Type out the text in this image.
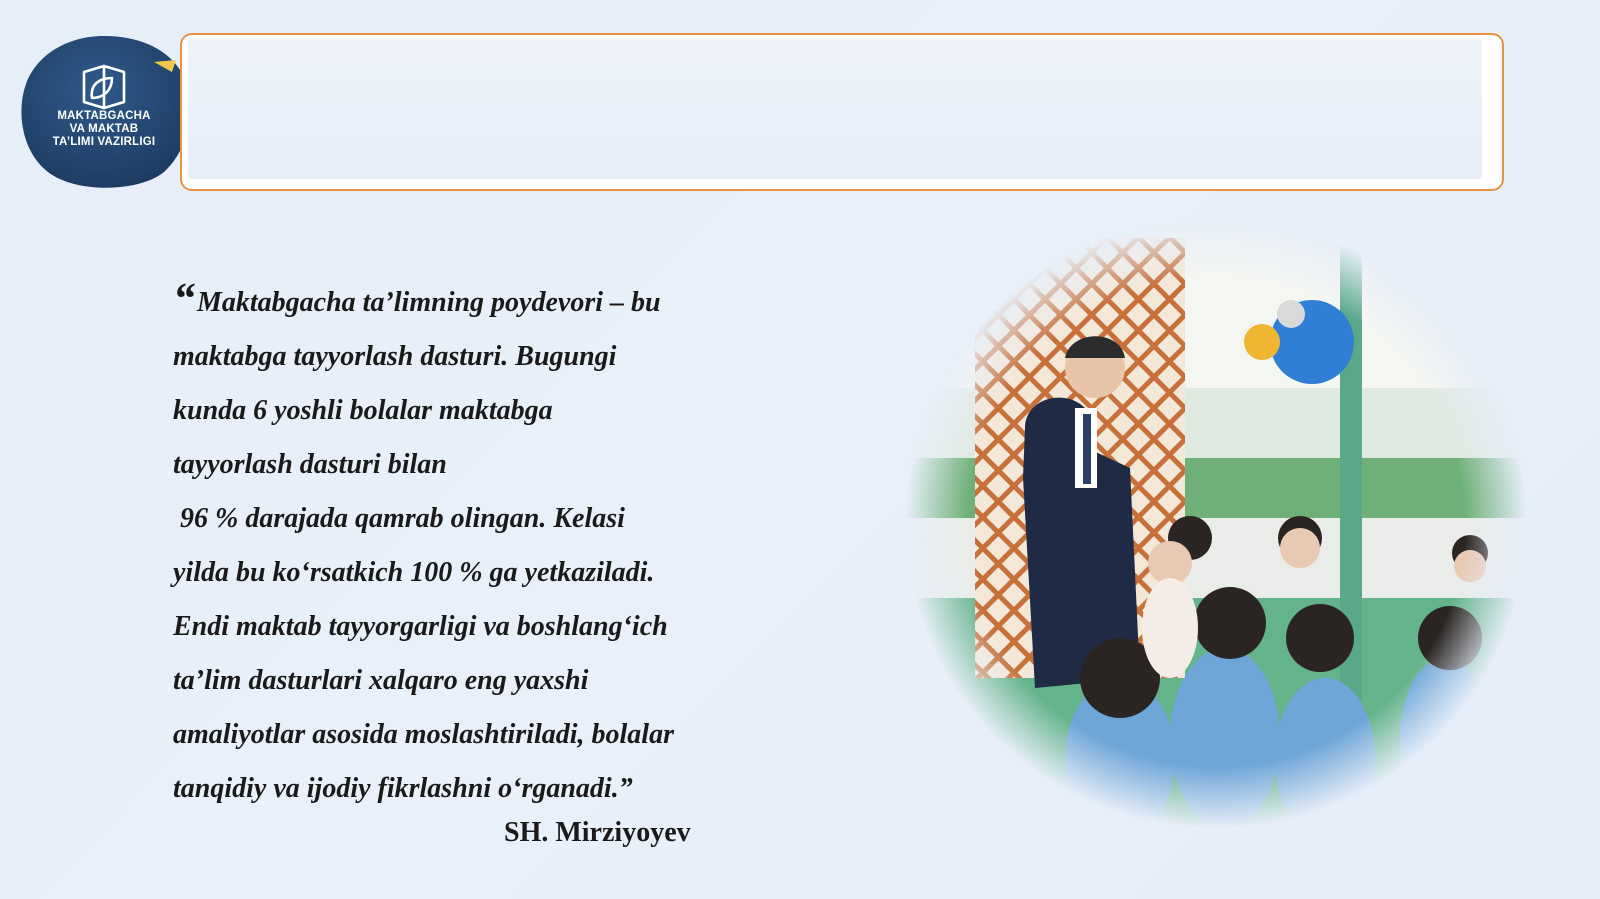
MAKTABGACHA
VA MAKTAB
TA’LIMI VAZIRLIGI
“Maktabgacha ta’limning poydevori – bu
maktabga tayyorlash dasturi. Bugungi
kunda 6 yoshli bolalar maktabga
tayyorlash dasturi bilan
96 % darajada qamrab olingan. Kelasi
yilda bu ko‘rsatkich 100 % ga yetkaziladi.
Endi maktab tayyorgarligi va boshlang‘ich
ta’lim dasturlari xalqaro eng yaxshi
amaliyotlar asosida moslashtiriladi, bolalar
tanqidiy va ijodiy fikrlashni o‘rganadi.”
SH. Mirziyoyev
